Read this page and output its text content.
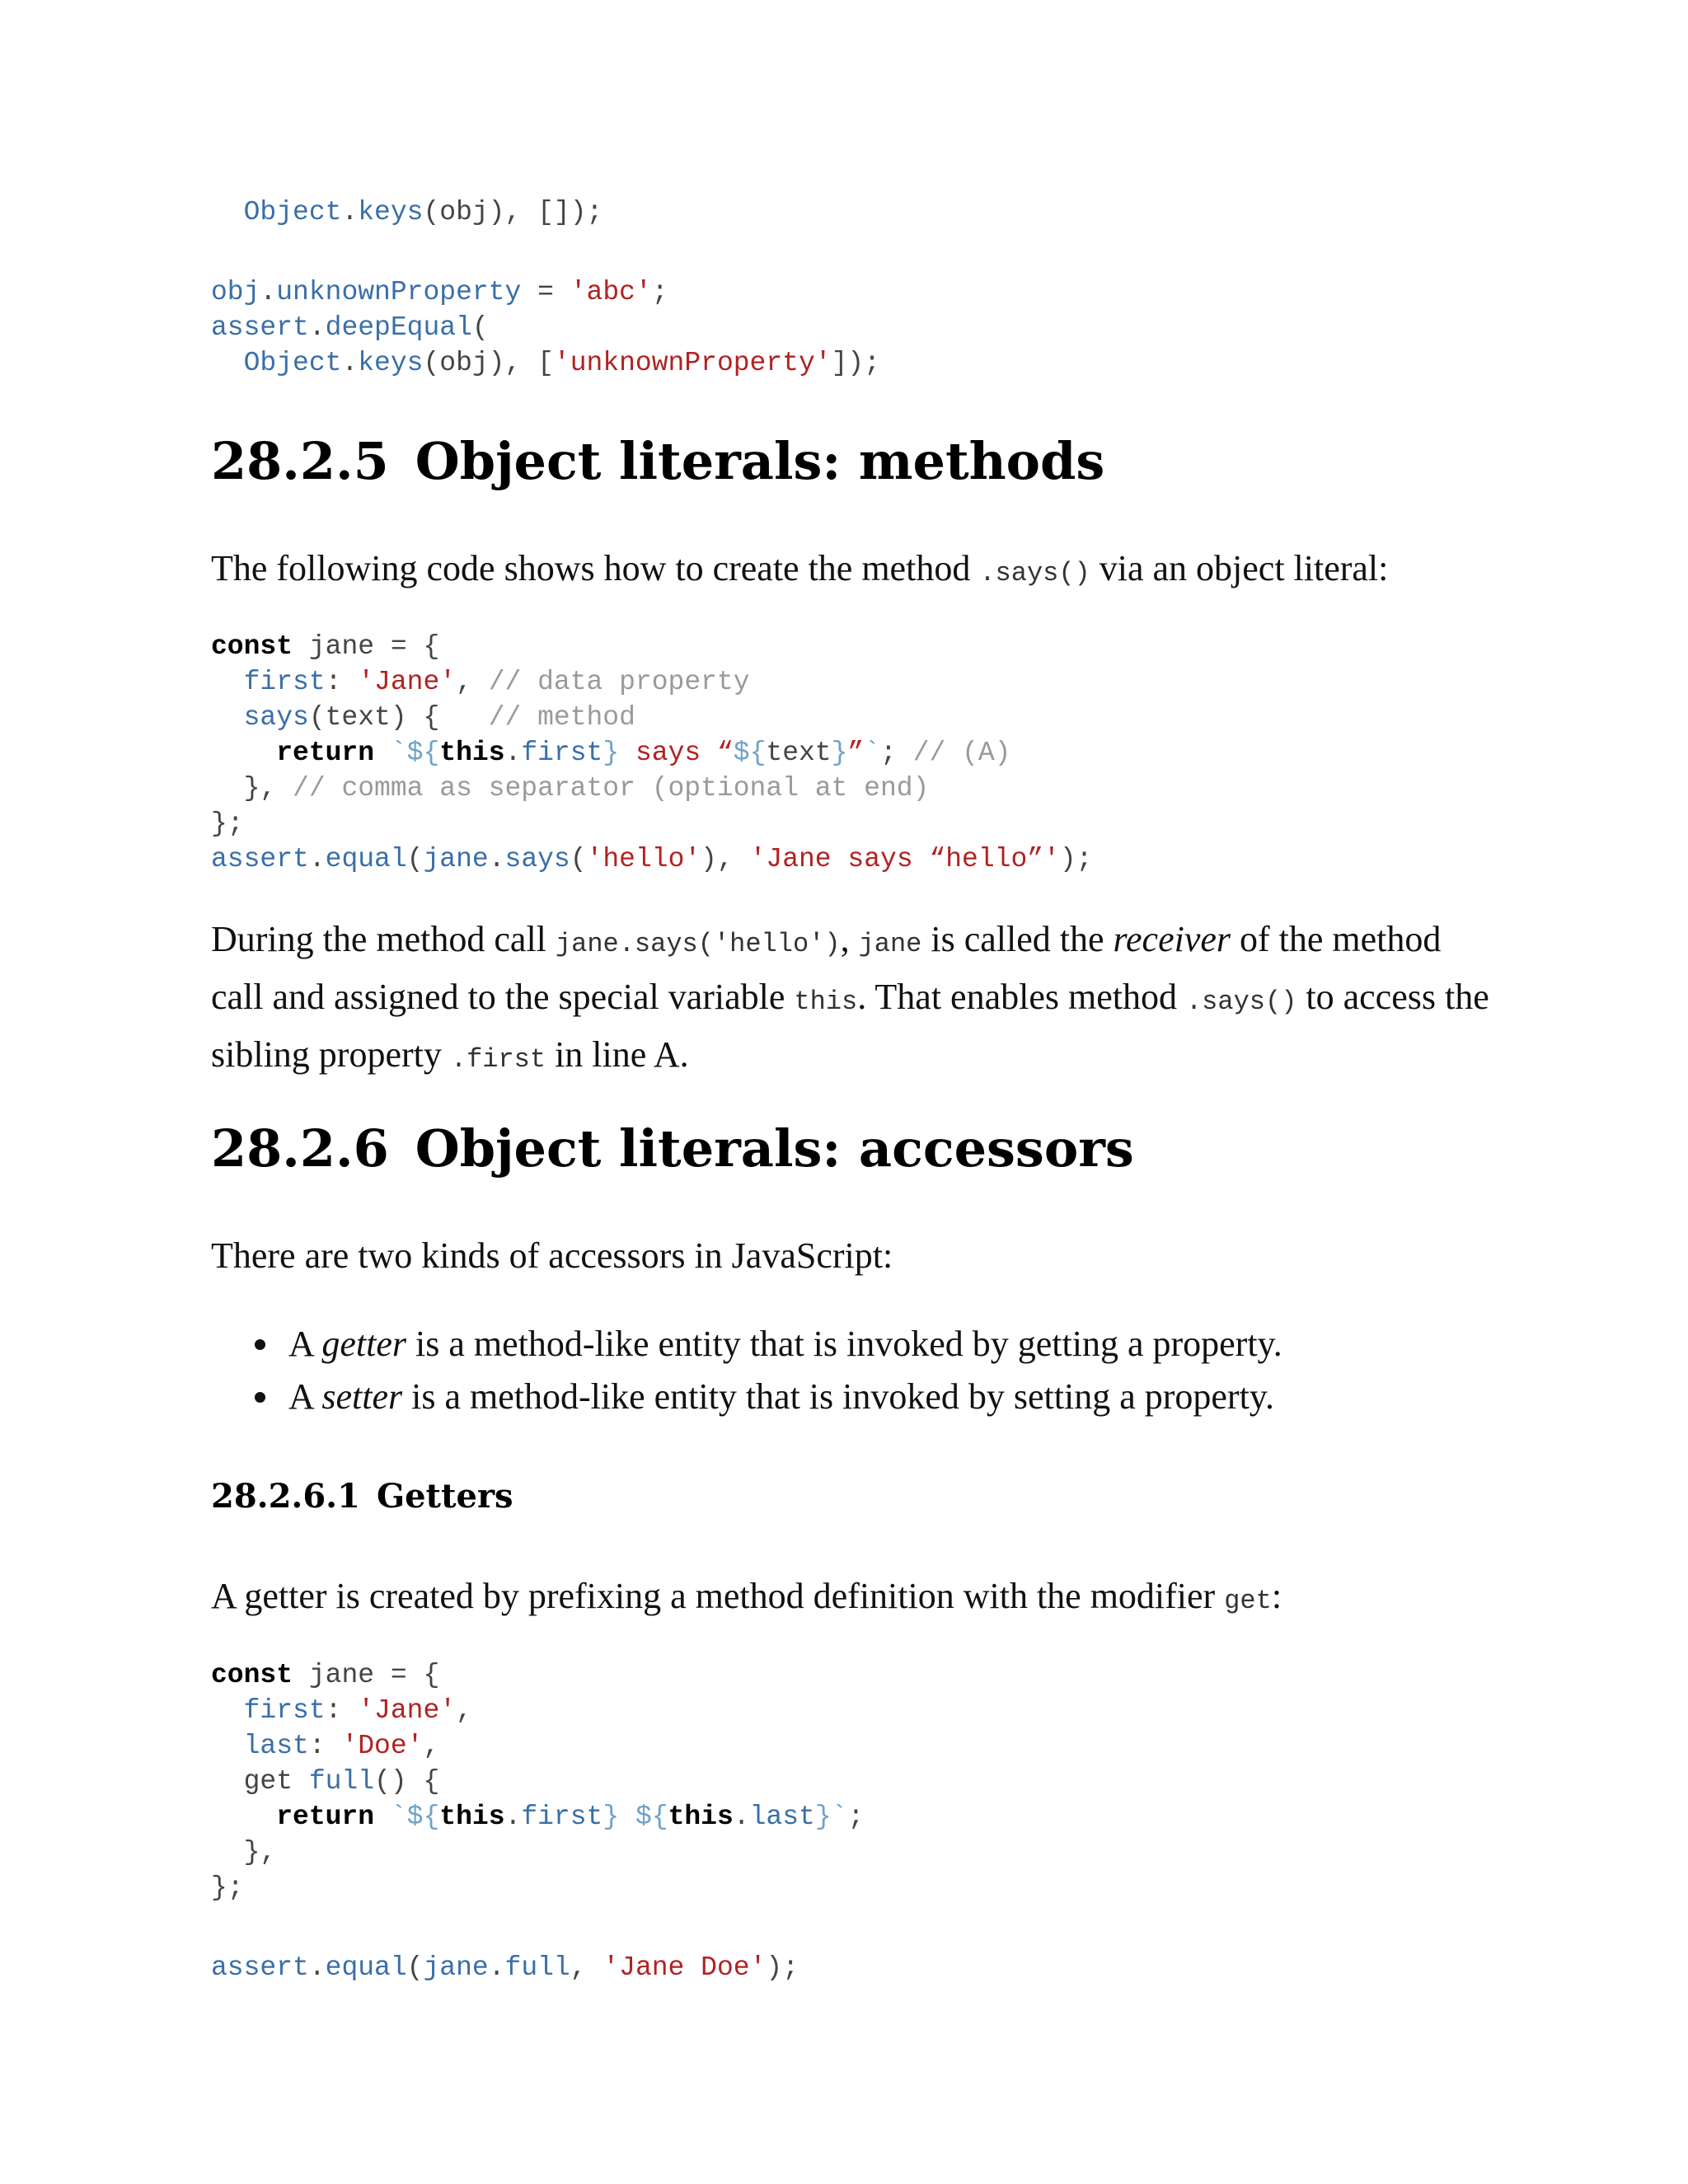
Object.keys(obj), []);

obj.unknownProperty = 'abc';
assert.deepEqual(
Object.keys(obj), ['unknownProperty']);
28.2.5 Object literals: methods

The following code shows how to create the method .says() via an object literal:

const jane = {
first: 'Jane', // data property
says(text) {   // method
return `${this.first} says “${text}”`; // (A)
}, // comma as separator (optional at end)
};
assert.equal(jane.says('hello'), 'Jane says “hello”');

During the method call jane.says('hello'), jane is called the receiver of the method call and assigned to the special variable this. That enables method .says() to access the sibling property .first in line A.

28.2.6 Object literals: accessors

There are two kinds of accessors in JavaScript:

• A getter is a method-like entity that is invoked by getting a property.
• A setter is a method-like entity that is invoked by setting a property.
28.2.6.1 Getters

A getter is created by prefixing a method definition with the modifier get:

const jane = {
first: 'Jane',
last: 'Doe',
get full() {
return `${this.first} ${this.last}`;
},
};
assert.equal(jane.full, 'Jane Doe');
